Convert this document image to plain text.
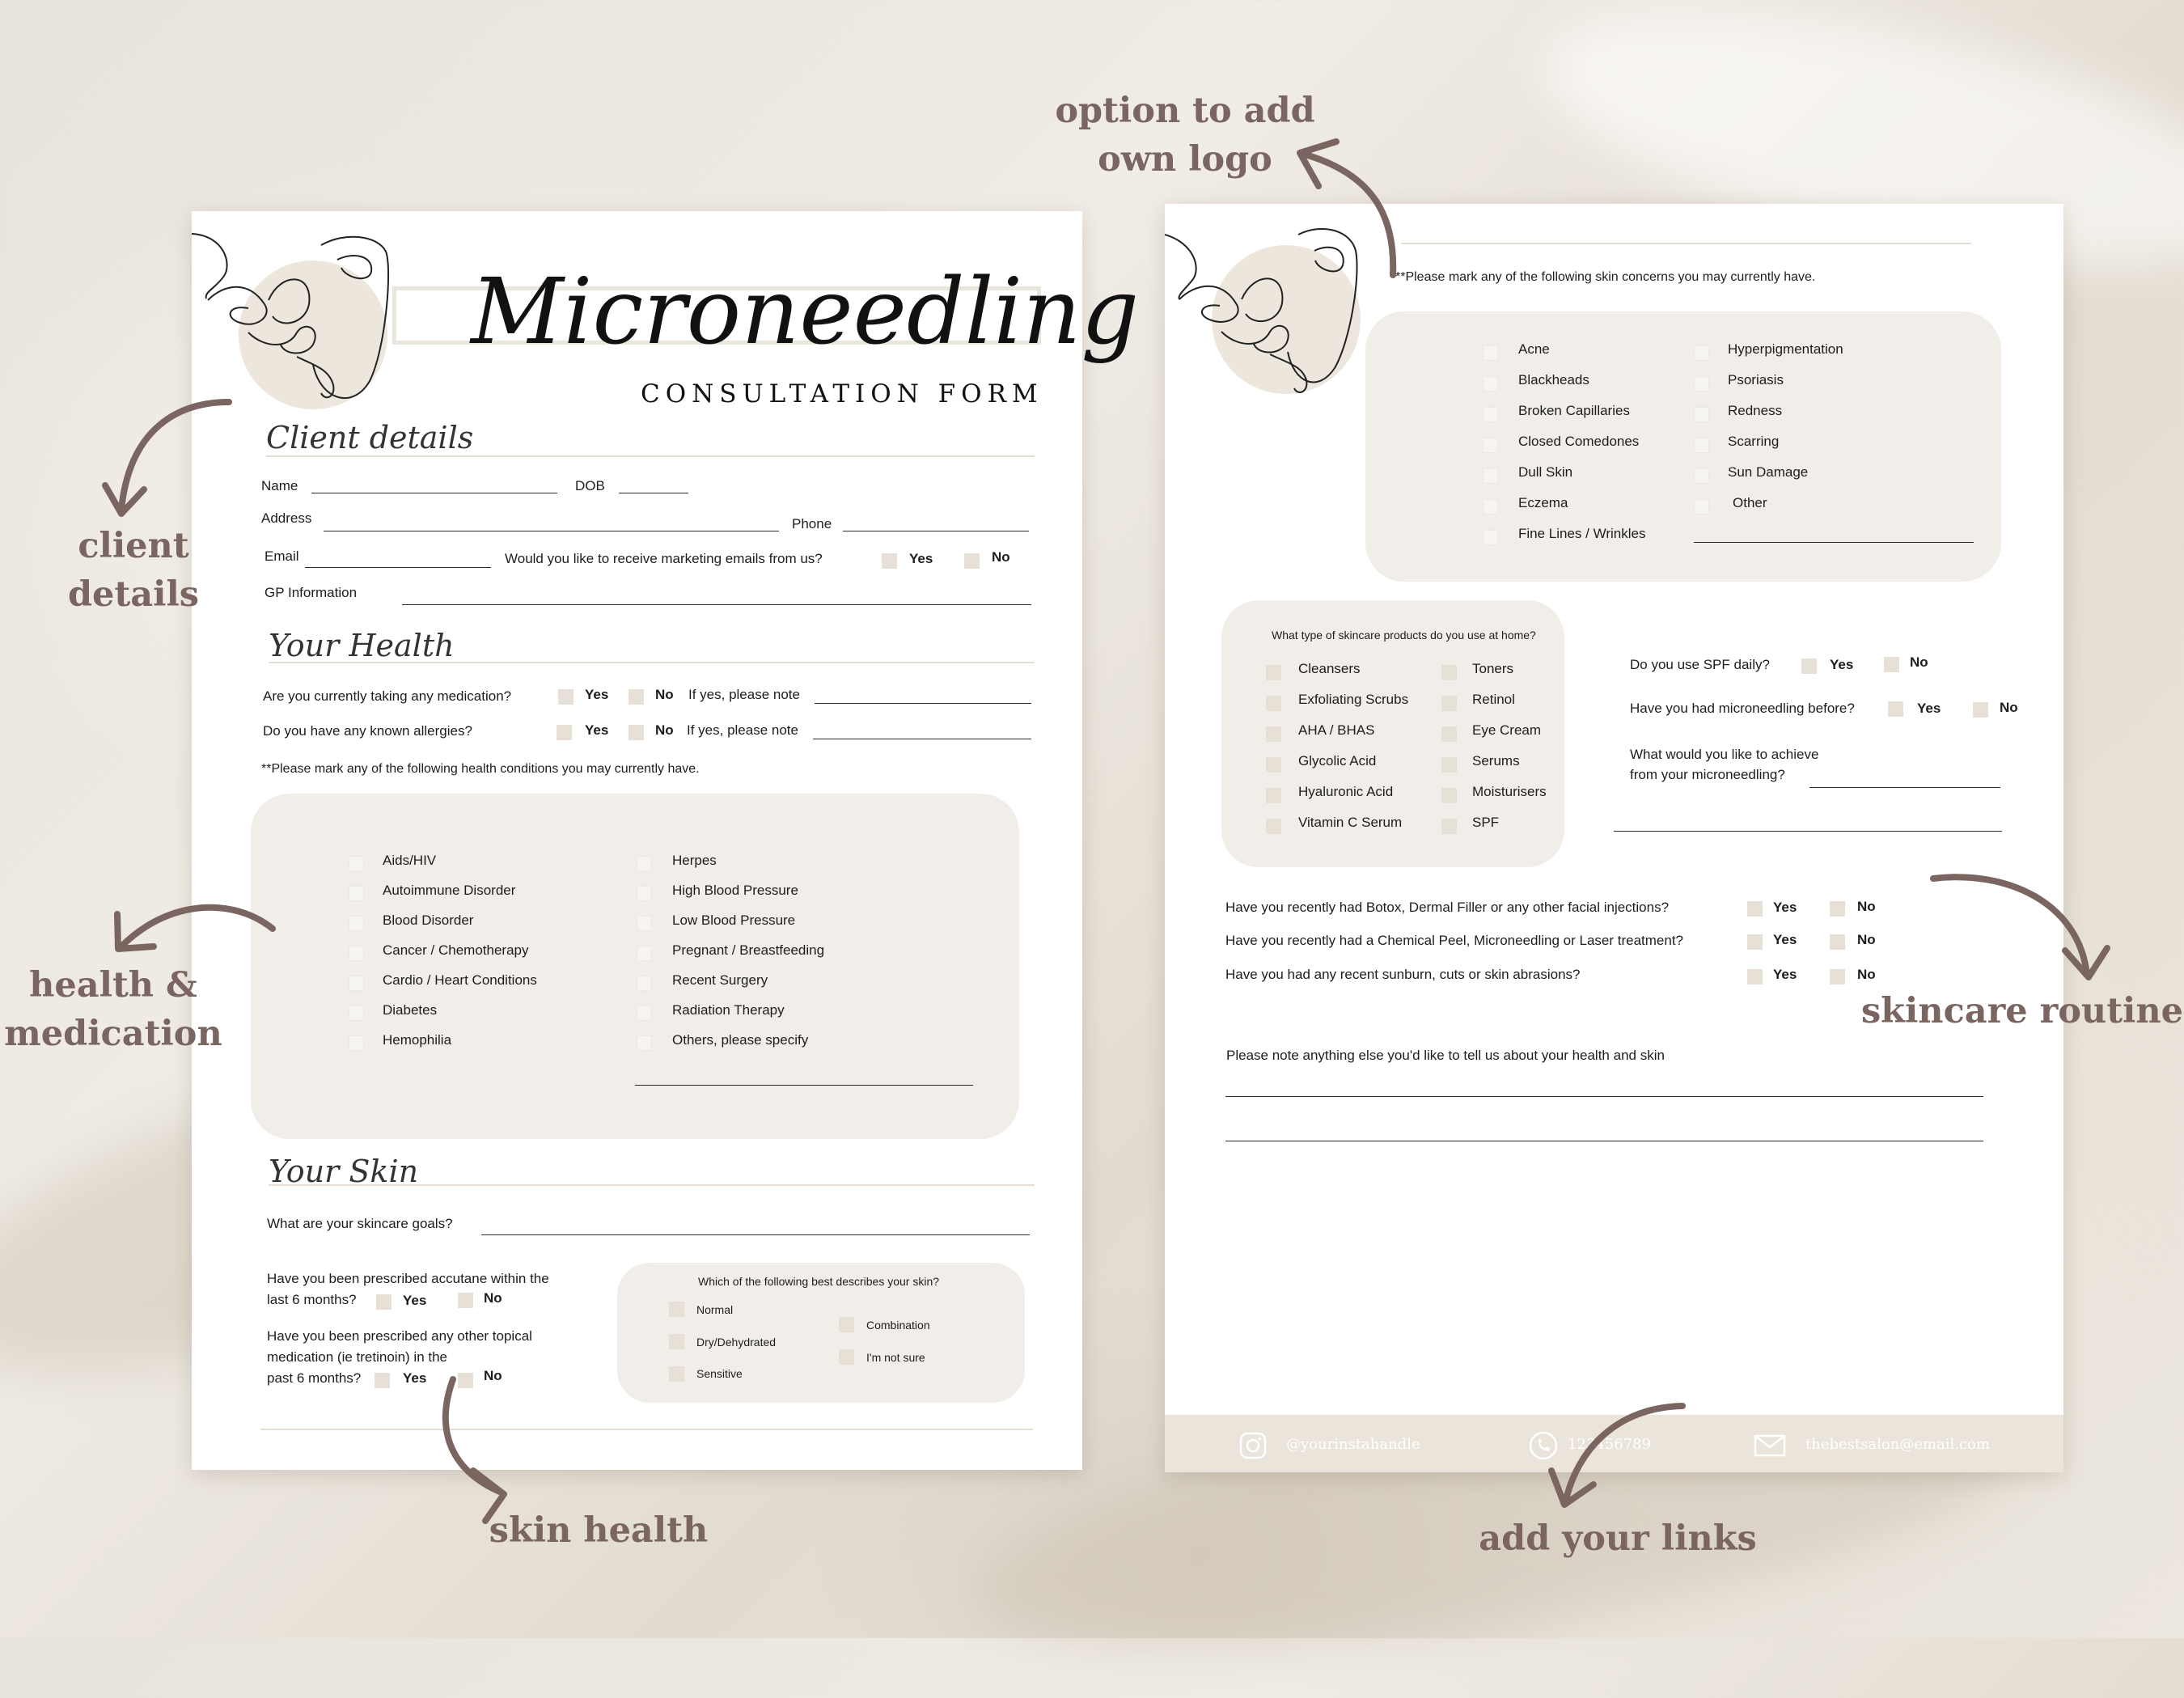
Microneedling
CONSULTATION FORM
Client details
Name	DOB
Address	Phone
Email	Would you like to receive marketing emails from us?	Yes	No
GP Information
Your Health
Are you currently taking any medication?	Yes	No If yes, please note
Do you have any known allergies?	Yes	No If yes, please note
**Please mark any of the following health conditions you may currently have.
Aids/HIV
Autoimmune Disorder
Blood Disorder
Cancer / Chemotherapy
Cardio / Heart Conditions
Diabetes
Hemophilia
Herpes
High Blood Pressure
Low Blood Pressure
Pregnant / Breastfeeding
Recent Surgery
Radiation Therapy
Others, please specify
Your Skin
What are your skincare goals?
Have you been prescribed accutane within the
last 6 months?	Yes	No
Have you been prescribed any other topical
medication (ie tretinoin) in the
past 6 months?	Yes	No
Which of the following best describes your skin?
Normal
Dry/Dehydrated
Sensitive
Combination
I'm not sure
**Please mark any of the following skin concerns you may currently have.
Acne
Blackheads
Broken Capillaries
Closed Comedones
Dull Skin
Eczema
Fine Lines / Wrinkles
Hyperpigmentation
Psoriasis
Redness
Scarring
Sun Damage
Other
What type of skincare products do you use at home?
Cleansers
Exfoliating Scrubs
AHA / BHAS
Glycolic Acid
Hyaluronic Acid
Vitamin C Serum
Toners
Retinol
Eye Cream
Serums
Moisturisers
SPF
Do you use SPF daily?	Yes	No
Have you had microneedling before?	Yes	No
What would you like to achieve
from your microneedling?
Have you recently had Botox, Dermal Filler or any other facial injections?	Yes	No
Have you recently had a Chemical Peel, Microneedling or Laser treatment?	Yes	No
Have you had any recent sunburn, cuts or skin abrasions?	Yes	No
Please note anything else you'd like to tell us about your health and skin
@yourinstahandle	123456789	thebestsalon@email.com
option to add
own logo
client
details
health &
medication
skin health
skincare routine
add your links
